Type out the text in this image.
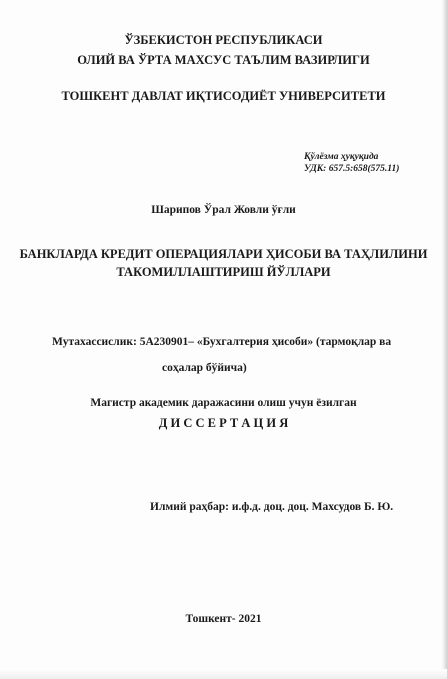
ЎЗБЕКИСТОН РЕСПУБЛИКАСИ
ОЛИЙ ВА ЎРТА МАХСУС ТАЪЛИМ ВАЗИРЛИГИ
ТОШКЕНТ ДАВЛАТ ИҚТИСОДИЁТ УНИВЕРСИТЕТИ
Қўлёзма ҳуқуқида
УДК: 657.5:658(575.11)
Шарипов Ўрал Жовли ўғли
БАНКЛАРДА КРЕДИТ ОПЕРАЦИЯЛАРИ ҲИСОБИ ВА ТАҲЛИЛИНИ
ТАКОМИЛЛАШТИРИШ ЙЎЛЛАРИ
Мутахассислик: 5А230901– «Бухгалтерия ҳисоби» (тармоқлар ва
соҳалар бўйича)
Магистр академик даражасини олиш учун ёзилган
Д И С С Е Р Т А Ц И Я
Илмий раҳбар: и.ф.д. доц. доц. Махсудов Б. Ю.
Тошкент- 2021
